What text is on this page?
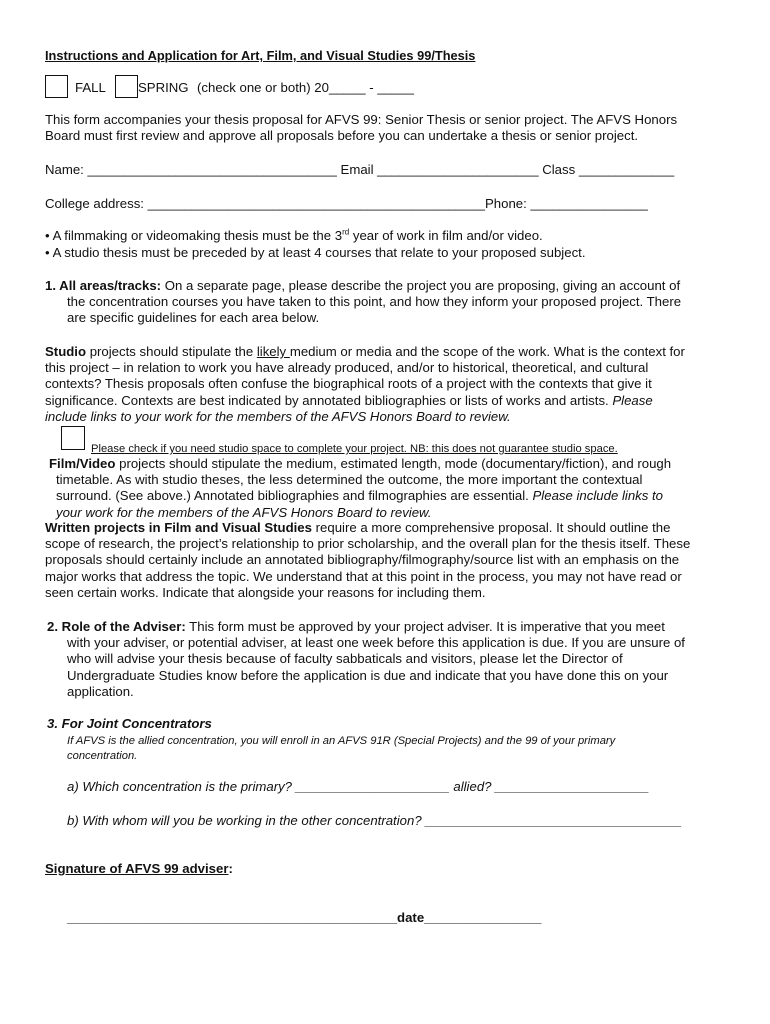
Instructions and Application for Art, Film, and Visual Studies 99/Thesis
FALL SPRING (check one or both) 20_____ - _____
This form accompanies your thesis proposal for AFVS 99: Senior Thesis or senior project. The AFVS Honors
Board must first review and approve all proposals before you can undertake a thesis or senior project.
Name: __________________________________ Email ______________________ Class _____________
College address: ______________________________________________Phone: ________________
• A filmmaking or videomaking thesis must be the 3rd year of work in film and/or video.
• A studio thesis must be preceded by at least 4 courses that relate to your proposed subject.
1. All areas/tracks: On a separate page, please describe the project you are proposing, giving an account of
the concentration courses you have taken to this point, and how they inform your proposed project. There
are specific guidelines for each area below.
Studio projects should stipulate the likely medium or media and the scope of the work. What is the context for
this project – in relation to work you have already produced, and/or to historical, theoretical, and cultural
contexts? Thesis proposals often confuse the biographical roots of a project with the contexts that give it
significance. Contexts are best indicated by annotated bibliographies or lists of works and artists. Please
include links to your work for the members of the AFVS Honors Board to review.
Please check if you need studio space to complete your project. NB: this does not guarantee studio space.
Film/Video projects should stipulate the medium, estimated length, mode (documentary/fiction), and rough
timetable. As with studio theses, the less determined the outcome, the more important the contextual
surround. (See above.) Annotated bibliographies and filmographies are essential. Please include links to
your work for the members of the AFVS Honors Board to review.
Written projects in Film and Visual Studies require a more comprehensive proposal. It should outline the
scope of research, the project’s relationship to prior scholarship, and the overall plan for the thesis itself. These
proposals should certainly include an annotated bibliography/filmography/source list with an emphasis on the
major works that address the topic. We understand that at this point in the process, you may not have read or
seen certain works. Indicate that alongside your reasons for including them.
2. Role of the Adviser: This form must be approved by your project adviser. It is imperative that you meet
with your adviser, or potential adviser, at least one week before this application is due. If you are unsure of
who will advise your thesis because of faculty sabbaticals and visitors, please let the Director of
Undergraduate Studies know before the application is due and indicate that you have done this on your
application.
3. For Joint Concentrators
If AFVS is the allied concentration, you will enroll in an AFVS 91R (Special Projects) and the 99 of your primary
concentration.
a) Which concentration is the primary? _____________________ allied? _____________________
b) With whom will you be working in the other concentration? ___________________________________
Signature of AFVS 99 adviser:
_____________________________________________date________________
